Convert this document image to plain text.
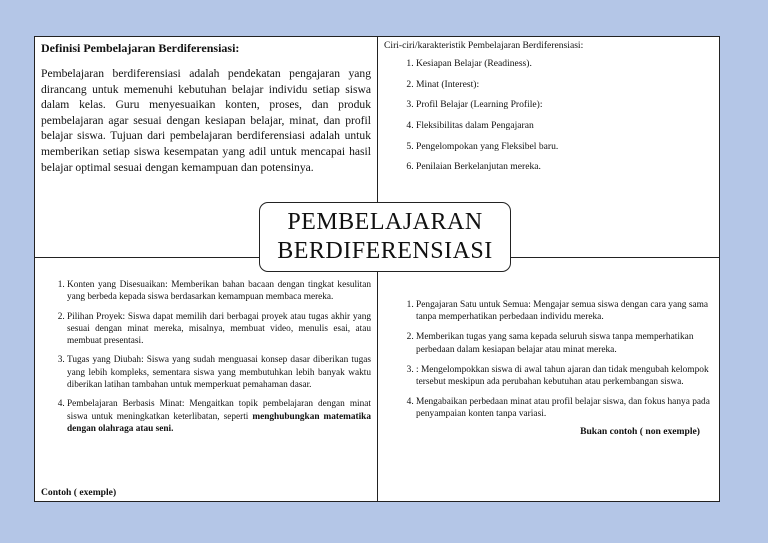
Definisi Pembelajaran Berdiferensiasi:

Pembelajaran berdiferensiasi adalah pendekatan pengajaran yang dirancang untuk memenuhi kebutuhan belajar individu setiap siswa dalam kelas. Guru menyesuaikan konten, proses, dan produk pembelajaran agar sesuai dengan kesiapan belajar, minat, dan profil belajar siswa. Tujuan dari pembelajaran berdiferensiasi adalah untuk memberikan setiap siswa kesempatan yang adil untuk mencapai hasil belajar optimal sesuai dengan kemampuan dan potensinya.

Ciri-ciri/karakteristik Pembelajaran Berdiferensiasi:
1. Kesiapan Belajar (Readiness).
2. Minat (Interest):
3. Profil Belajar (Learning Profile):
4. Fleksibilitas dalam Pengajaran
5. Pengelompokan yang Fleksibel baru.
6. Penilaian Berkelanjutan mereka.
1. Konten yang Disesuaikan: Memberikan bahan bacaan dengan tingkat kesulitan yang berbeda kepada siswa berdasarkan kemampuan membaca mereka.
2. Pilihan Proyek: Siswa dapat memilih dari berbagai proyek atau tugas akhir yang sesuai dengan minat mereka, misalnya, membuat video, menulis esai, atau membuat presentasi.
3. Tugas yang Diubah: Siswa yang sudah menguasai konsep dasar diberikan tugas yang lebih kompleks, sementara siswa yang membutuhkan lebih banyak waktu diberikan latihan tambahan untuk memperkuat pemahaman dasar.
4. Pembelajaran Berbasis Minat: Mengaitkan topik pembelajaran dengan minat siswa untuk meningkatkan keterlibatan, seperti menghubungkan matematika dengan olahraga atau seni.
Contoh ( exemple)
1. Pengajaran Satu untuk Semua: Mengajar semua siswa dengan cara yang sama tanpa memperhatikan perbedaan individu mereka.
2. Memberikan tugas yang sama kepada seluruh siswa tanpa memperhatikan perbedaan dalam kesiapan belajar atau minat mereka.
3. : Mengelompokkan siswa di awal tahun ajaran dan tidak mengubah kelompok tersebut meskipun ada perubahan kebutuhan atau perkembangan siswa.
4. Mengabaikan perbedaan minat atau profil belajar siswa, dan fokus hanya pada penyampaian konten tanpa variasi.
Bukan contoh ( non exemple)
PEMBELAJARAN
BERDIFERENSIASI
